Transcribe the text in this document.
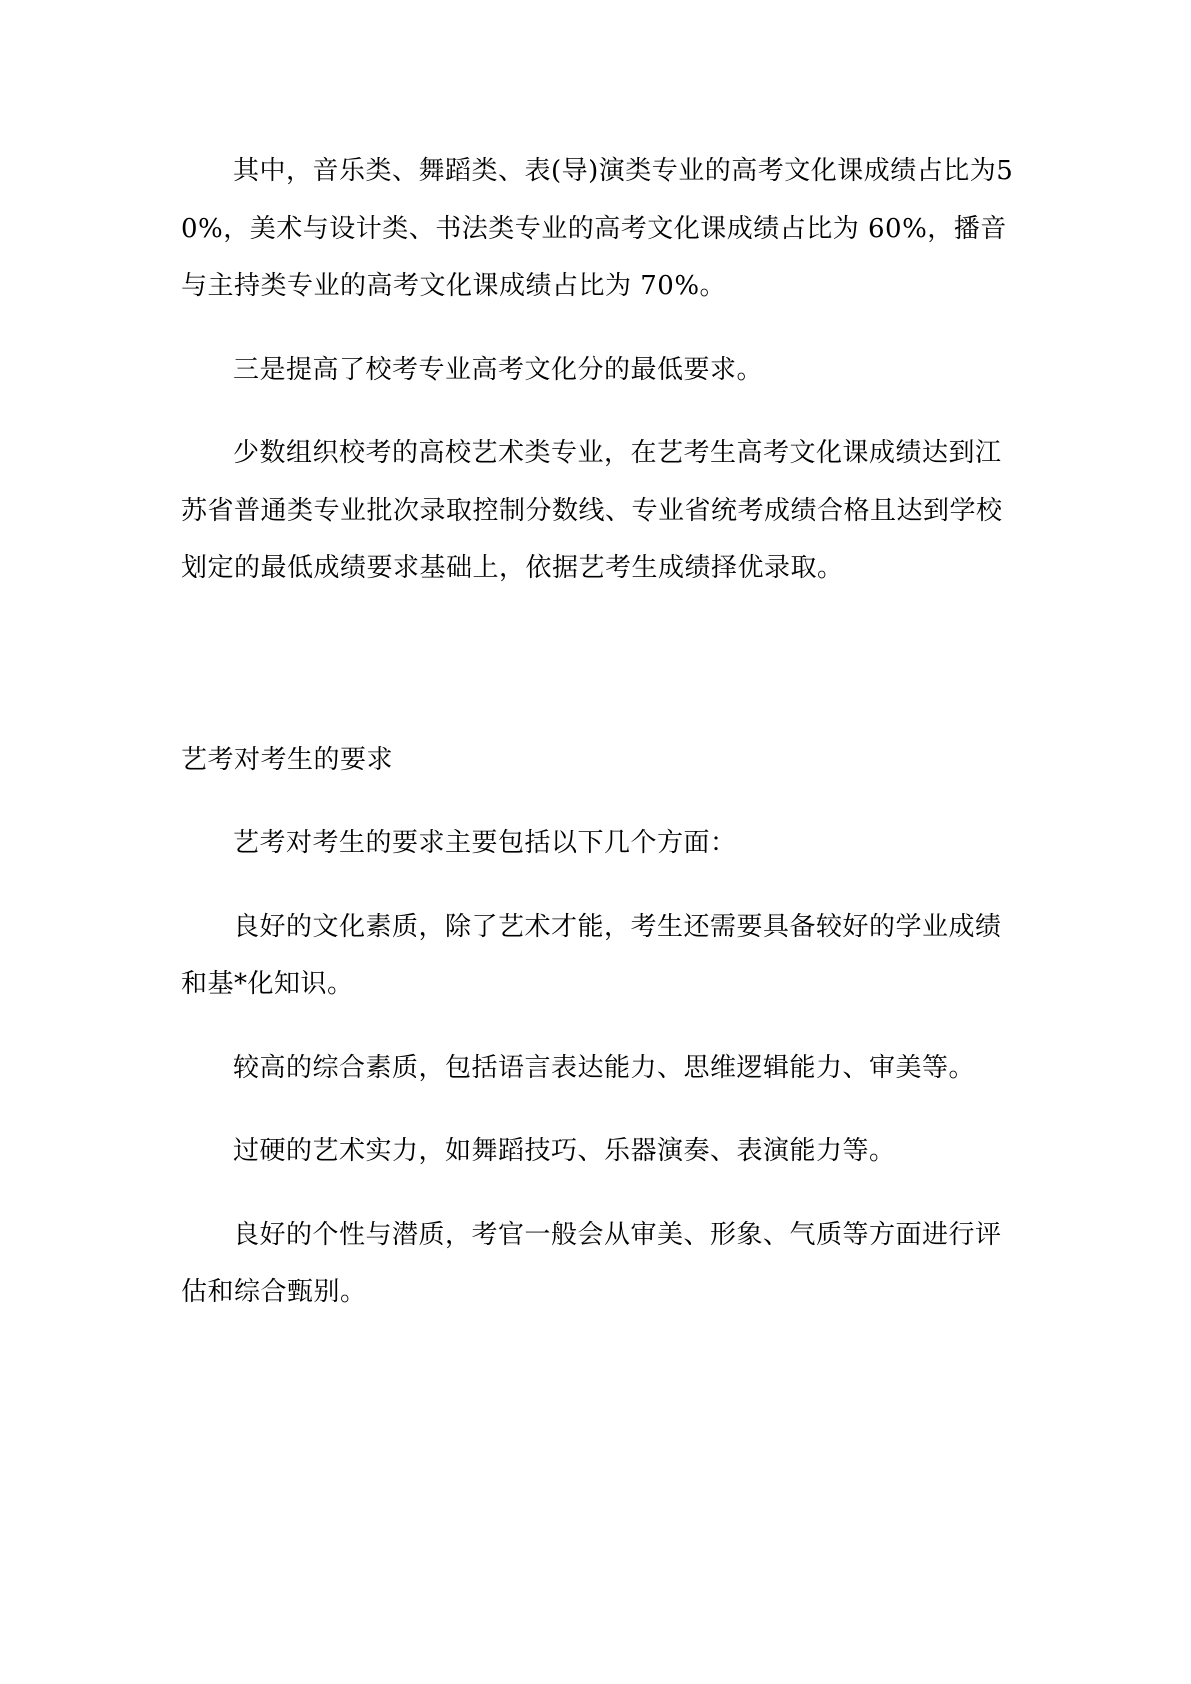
其中，音乐类、舞蹈类、表(导)演类专业的高考文化课成绩占比为50%，美术与设计类、书法类专业的高考文化课成绩占比为 60%，播音与主持类专业的高考文化课成绩占比为 70%。

三是提高了校考专业高考文化分的最低要求。

少数组织校考的高校艺术类专业，在艺考生高考文化课成绩达到江苏省普通类专业批次录取控制分数线、专业省统考成绩合格且达到学校划定的最低成绩要求基础上，依据艺考生成绩择优录取。

艺考对考生的要求

艺考对考生的要求主要包括以下几个方面：

良好的文化素质，除了艺术才能，考生还需要具备较好的学业成绩和基*化知识。

较高的综合素质，包括语言表达能力、思维逻辑能力、审美等。

过硬的艺术实力，如舞蹈技巧、乐器演奏、表演能力等。

良好的个性与潜质，考官一般会从审美、形象、气质等方面进行评估和综合甄别。
